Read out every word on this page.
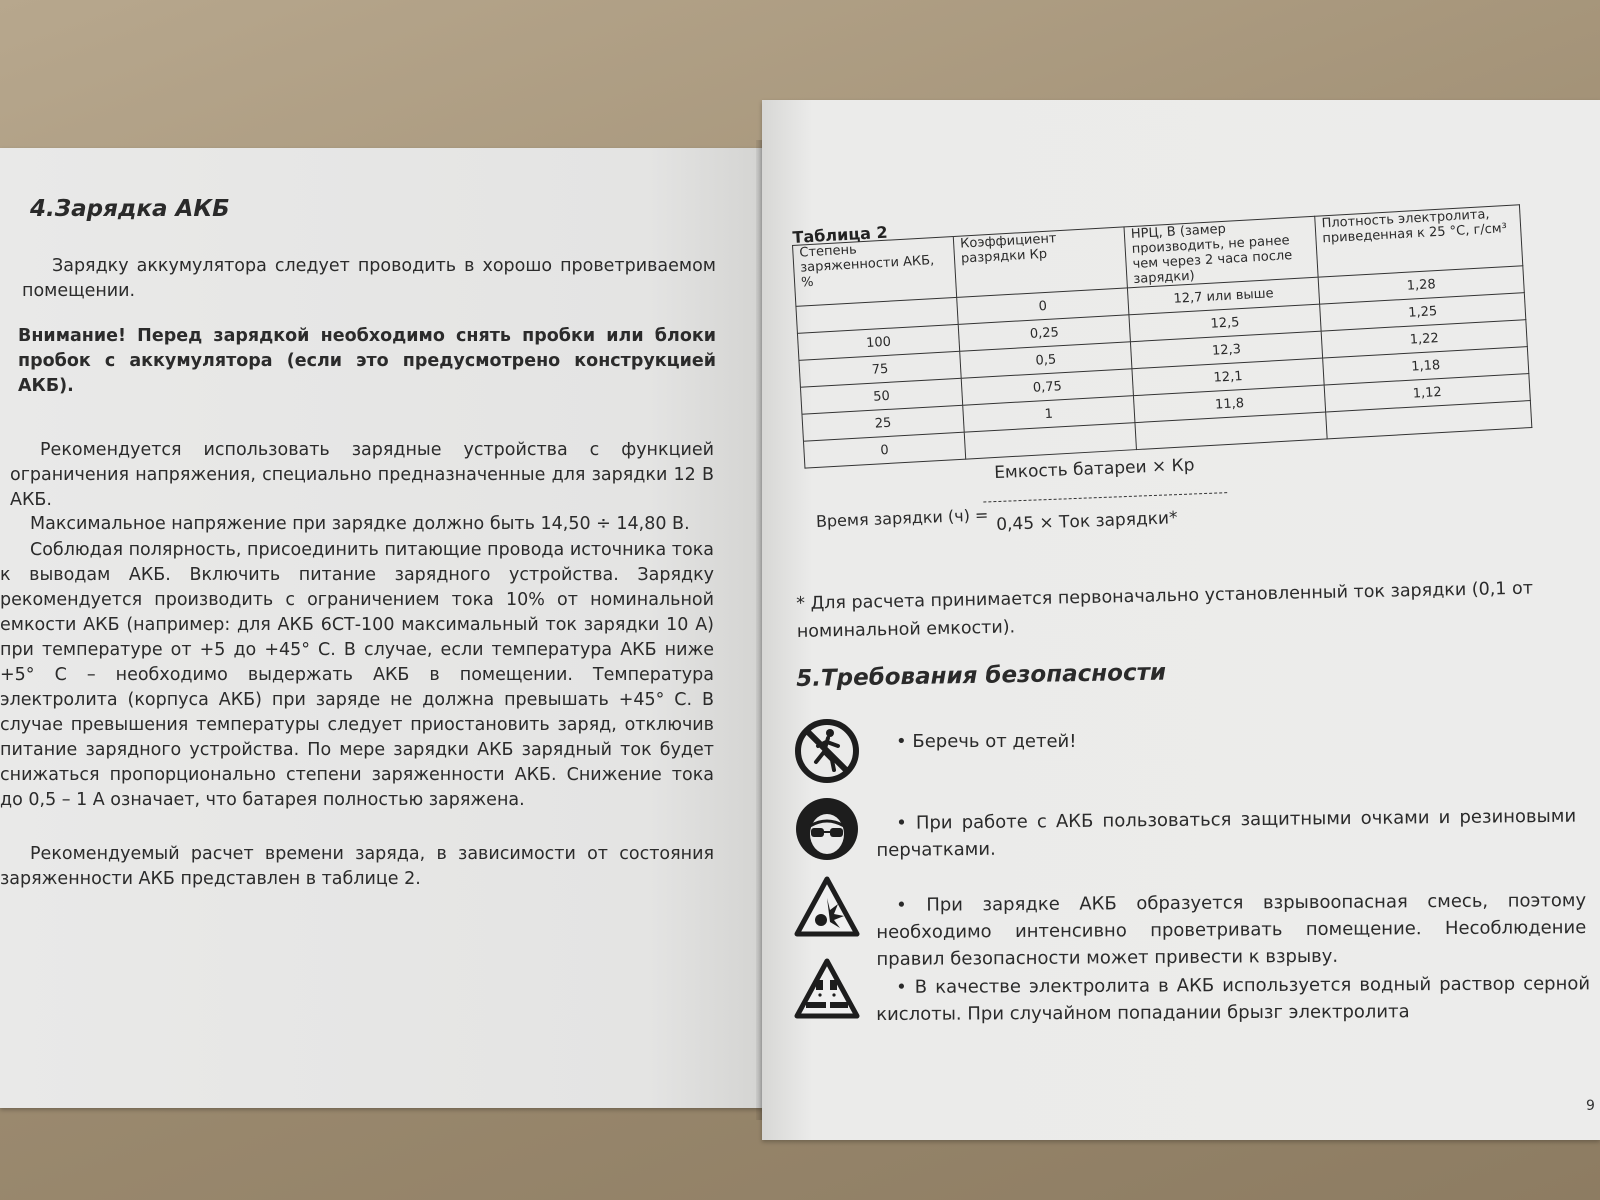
4.Зарядка АКБ

Зарядку аккумулятора следует проводить в хорошо проветриваемом помещении.

Внимание! Перед зарядкой необходимо снять пробки или блоки пробок с аккумулятора (если это предусмотрено конструкцией АКБ).

Рекомендуется использовать зарядные устройства с функцией ограничения напряжения, специально предназначенные для зарядки 12 В АКБ.

Максимальное напряжение при зарядке должно быть 14,50 ÷ 14,80 В.

Соблюдая полярность, присоединить питающие провода источника тока к выводам АКБ. Включить питание зарядного устройства. Зарядку рекомендуется производить с ограничением тока 10% от номинальной емкости АКБ (например: для АКБ 6СТ-100 максимальный ток зарядки 10 А) при температуре от +5 до +45° С. В случае, если температура АКБ ниже +5° С – необходимо выдержать АКБ в помещении. Температура электролита (корпуса АКБ) при заряде не должна превышать +45° С. В случае превышения температуры следует приостановить заряд, отключив питание зарядного устройства. По мере зарядки АКБ зарядный ток будет снижаться пропорционально степени заряженности АКБ. Снижение тока до 0,5 – 1 А означает, что батарея полностью заряжена.

Рекомендуемый расчет времени заряда, в зависимости от состояния заряженности АКБ представлен в таблице 2.

Таблица 2
Степень заряженности АКБ, %	Коэффициент разрядки Кр	НРЦ, В (замер производить, не ранее чем через 2 часа после зарядки)	Плотность электролита, приведенная к 25 °С, г/см³
	0	12,7 или выше	1,28
100	0,25	12,5	1,25
75	0,5	12,3	1,22
50	0,75	12,1	1,18
25	1	11,8	1,12
0			
Емкость батареи × Кр
Время зарядки (ч) = 0,45 × Ток зарядки*
* Для расчета принимается первоначально установленный ток зарядки (0,1 от номинальной емкости).
5.Требования безопасности
• Беречь от детей!
• При работе с АКБ пользоваться защитными очками и резиновыми перчатками.
• При зарядке АКБ образуется взрывоопасная смесь, поэтому необходимо интенсивно проветривать помещение. Несоблюдение правил безопасности может привести к взрыву.
• В качестве электролита в АКБ используется водный раствор серной кислоты. При случайном попадании брызг электролита
9
